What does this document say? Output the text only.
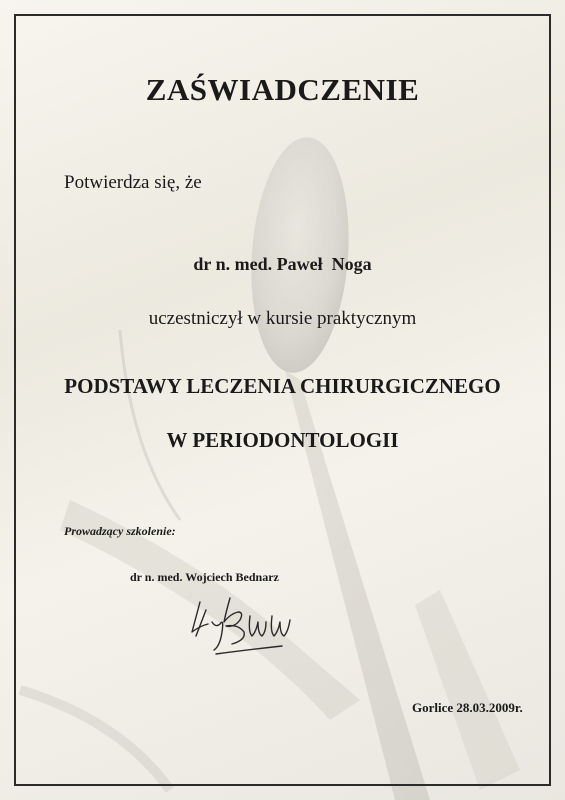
ZAŚWIADCZENIE
Potwierdza się, że
dr n. med. Paweł  Noga
uczestniczył w kursie praktycznym
PODSTAWY LECZENIA CHIRURGICZNEGO
W PERIODONTOLOGII
Prowadzący szkolenie:
dr n. med. Wojciech Bednarz
Gorlice 28.03.2009r.
